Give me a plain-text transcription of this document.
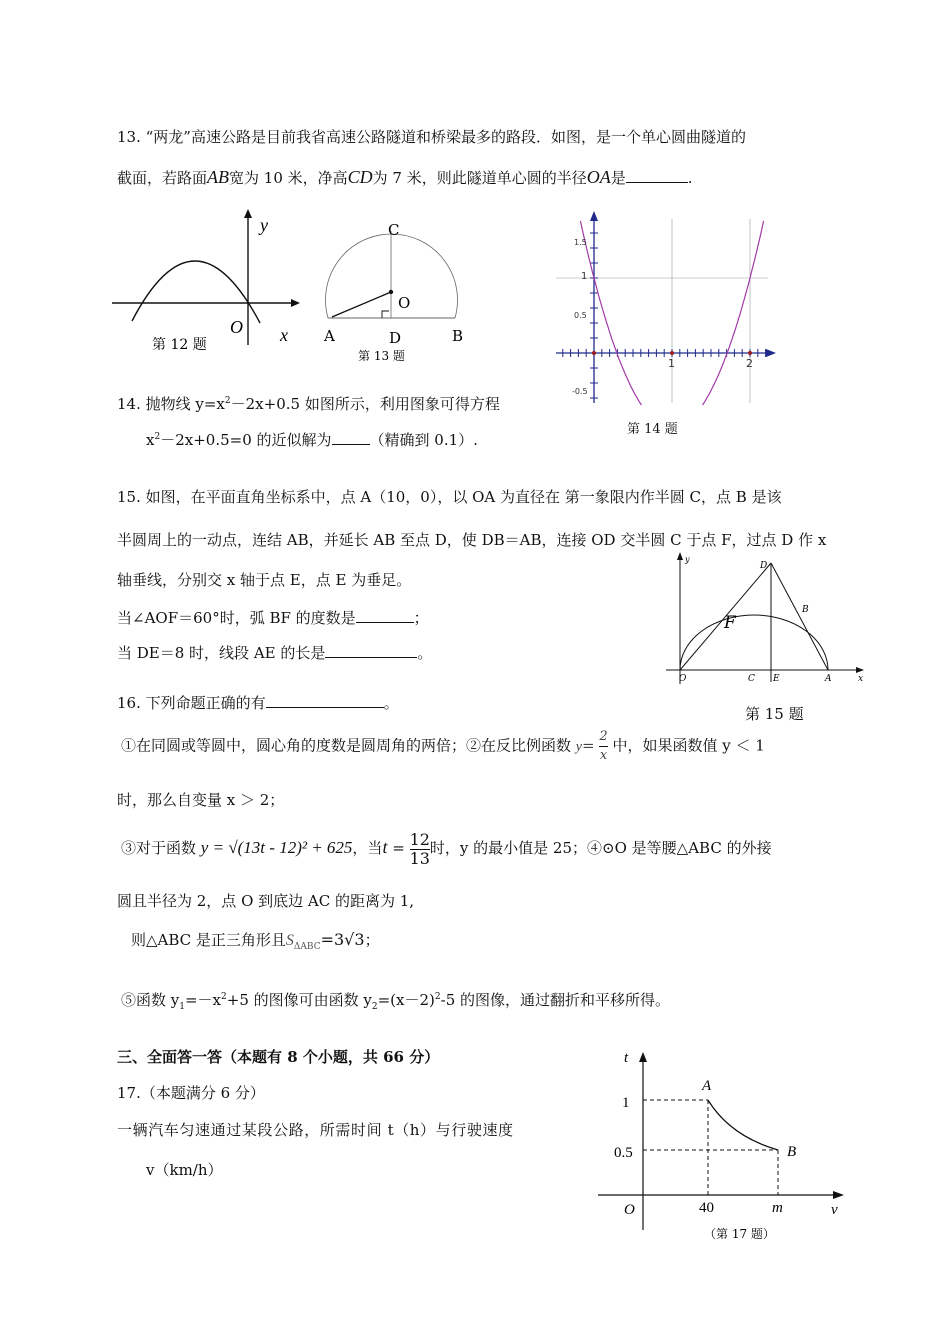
13. “两龙”高速公路是目前我省高速公路隧道和桥梁最多的路段．如图，是一个单心圆曲隧道的
截面，若路面AB宽为 10 米，净高CD为 7 米，则此隧道单心圆的半径OA是	.
y
O x
第 12 题
C
O
A	D	B
第 13 题
1.5
1
0.5
-0.5
1	2
第 14 题
14. 抛物线 $y=x^2-2x+0.5$ 如图所示，利用图象可得方程
$x^2-2x+0.5=0$ 的近似解为	（精确到 0.1）.
15. 如图，在平面直角坐标系中，点 A（10，0），以 OA 为直径在 第一象限内作半圆 C，点 B 是该
半圆周上的一动点，连结 AB，并延长 AB 至点 D，使 DB＝AB，连接 OD 交半圆 C 于点 F，过点 D 作 x
轴垂线，分别交 x 轴于点 E，点 E 为垂足。
当∠AOF＝60°时，弧 BF 的度数是	；
当 DE＝8 时，线段 AE 的长是	。
y
D
B
F
O	C E	A	x
第 15 题
16. 下列命题正确的有	。
①在同圆或等圆中，圆心角的度数是圆周角的两倍；②在反比例函数 $y= \frac{2}{x}$ 中，如果函数值 y ＜ 1
时，那么自变量 x ＞ 2；
③对于函数 y = √(13t - 12)² + 625，当$t = \frac{12}{13}$ 时，y 的最小值是 25；④⊙O 是等腰△ABC 的外接
圆且半径为 2，点 O 到底边 AC 的距离为 1,
则△ABC 是正三角形且$S_{\Delta ABC}=3√3$；
⑤函数 $y_1=-x^2+5$ 的图像可由函数 $y_2=(x-2)^2-5$ 的图像，通过翻折和平移所得。
三、全面答一答（本题有 8 个小题，共 66 分）
17.（本题满分 6 分）
一辆汽车匀速通过某段公路，所需时间 t（h）与行驶速度
v（km/h）
t
A
1
0.5	B
O	40	m	v
（第 17 题）
